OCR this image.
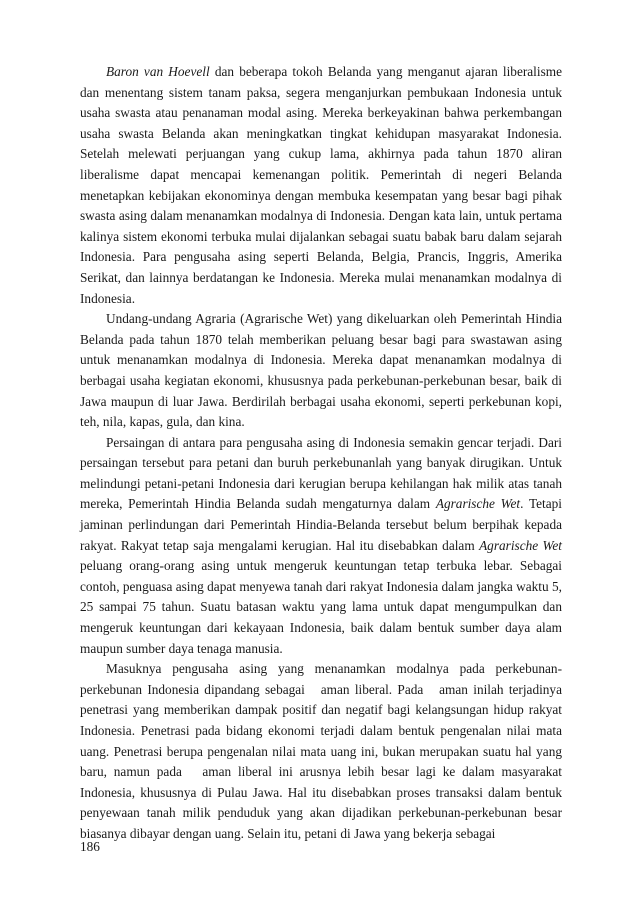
Baron van Hoevell dan beberapa tokoh Belanda yang menganut ajaran liberalisme dan menentang sistem tanam paksa, segera menganjurkan pembukaan Indonesia untuk usaha swasta atau penanaman modal asing. Mereka berkeyakinan bahwa perkembangan usaha swasta Belanda akan meningkatkan tingkat kehidupan masyarakat Indonesia. Setelah melewati perjuangan yang cukup lama, akhirnya pada tahun 1870 aliran liberalisme dapat mencapai kemenangan politik. Pemerintah di negeri Belanda menetapkan kebijakan ekonominya dengan membuka kesempatan yang besar bagi pihak swasta asing dalam menanamkan modalnya di Indonesia. Dengan kata lain, untuk pertama kalinya sistem ekonomi terbuka mulai dijalankan sebagai suatu babak baru dalam sejarah Indonesia. Para pengusaha asing seperti Belanda, Belgia, Prancis, Inggris, Amerika Serikat, dan lainnya berdatangan ke Indonesia. Mereka mulai menanamkan modalnya di Indonesia.

Undang-undang Agraria (Agrarische Wet) yang dikeluarkan oleh Pemerintah Hindia Belanda pada tahun 1870 telah memberikan peluang besar bagi para swastawan asing untuk menanamkan modalnya di Indonesia. Mereka dapat menanamkan modalnya di berbagai usaha kegiatan ekonomi, khususnya pada perkebunan-perkebunan besar, baik di Jawa maupun di luar Jawa. Berdirilah berbagai usaha ekonomi, seperti perkebunan kopi, teh, nila, kapas, gula, dan kina.

Persaingan di antara para pengusaha asing di Indonesia semakin gencar terjadi. Dari persaingan tersebut para petani dan buruh perkebunanlah yang banyak dirugikan. Untuk melindungi petani-petani Indonesia dari kerugian berupa kehilangan hak milik atas tanah mereka, Pemerintah Hindia Belanda sudah mengaturnya dalam Agrarische Wet. Tetapi jaminan perlindungan dari Pemerintah Hindia-Belanda tersebut belum berpihak kepada rakyat. Rakyat tetap saja mengalami kerugian. Hal itu disebabkan dalam Agrarische Wet peluang orang-orang asing untuk mengeruk keuntungan tetap terbuka lebar. Sebagai contoh, penguasa asing dapat menyewa tanah dari rakyat Indonesia dalam jangka waktu 5, 25 sampai 75 tahun. Suatu batasan waktu yang lama untuk dapat mengumpulkan dan mengeruk keuntungan dari kekayaan Indonesia, baik dalam bentuk sumber daya alam maupun sumber daya tenaga manusia.

Masuknya pengusaha asing yang menanamkan modalnya pada perkebunan-perkebunan Indonesia dipandang sebagai   aman liberal. Pada   aman inilah terjadinya penetrasi yang memberikan dampak positif dan negatif bagi kelangsungan hidup rakyat Indonesia. Penetrasi pada bidang ekonomi terjadi dalam bentuk pengenalan nilai mata uang. Penetrasi berupa pengenalan nilai mata uang ini, bukan merupakan suatu hal yang baru, namun pada   aman liberal ini arusnya lebih besar lagi ke dalam masyarakat Indonesia, khususnya di Pulau Jawa. Hal itu disebabkan proses transaksi dalam bentuk penyewaan tanah milik penduduk yang akan dijadikan perkebunan-perkebunan besar biasanya dibayar dengan uang. Selain itu, petani di Jawa yang bekerja sebagai

186
